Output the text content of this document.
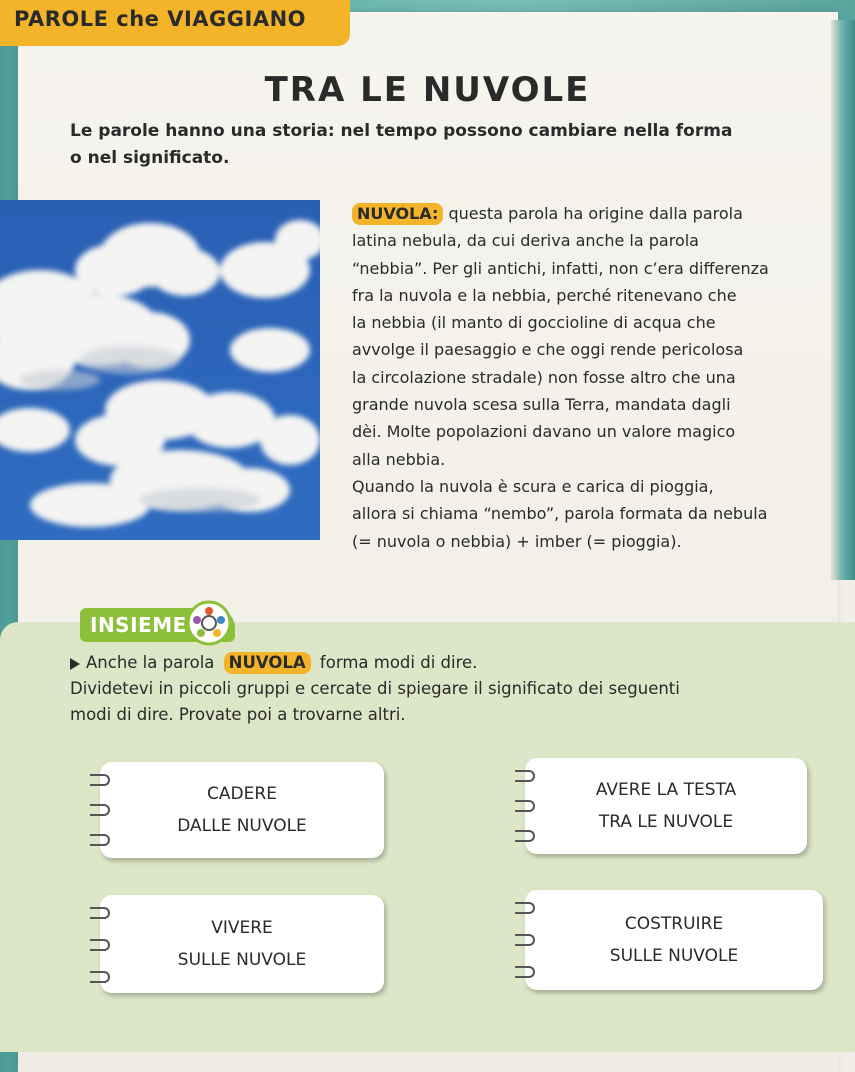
PAROLE che VIAGGIANO
TRA LE NUVOLE
Le parole hanno una storia: nel tempo possono cambiare nella forma
o nel significato.
NUVOLA: questa parola ha origine dalla parola
latina nebula, da cui deriva anche la parola
“nebbia”. Per gli antichi, infatti, non c’era differenza
fra la nuvola e la nebbia, perché ritenevano che
la nebbia (il manto di goccioline di acqua che
avvolge il paesaggio e che oggi rende pericolosa
la circolazione stradale) non fosse altro che una
grande nuvola scesa sulla Terra, mandata dagli
dèi. Molte popolazioni davano un valore magico
alla nebbia.
Quando la nuvola è scura e carica di pioggia,
allora si chiama “nembo”, parola formata da nebula
(= nuvola o nebbia) + imber (= pioggia).
INSIEME
Anche la parola NUVOLA forma modi di dire.
Dividetevi in piccoli gruppi e cercate di spiegare il significato dei seguenti
modi di dire. Provate poi a trovarne altri.
CADERE
DALLE NUVOLE
AVERE LA TESTA
TRA LE NUVOLE
VIVERE
SULLE NUVOLE
COSTRUIRE
SULLE NUVOLE
